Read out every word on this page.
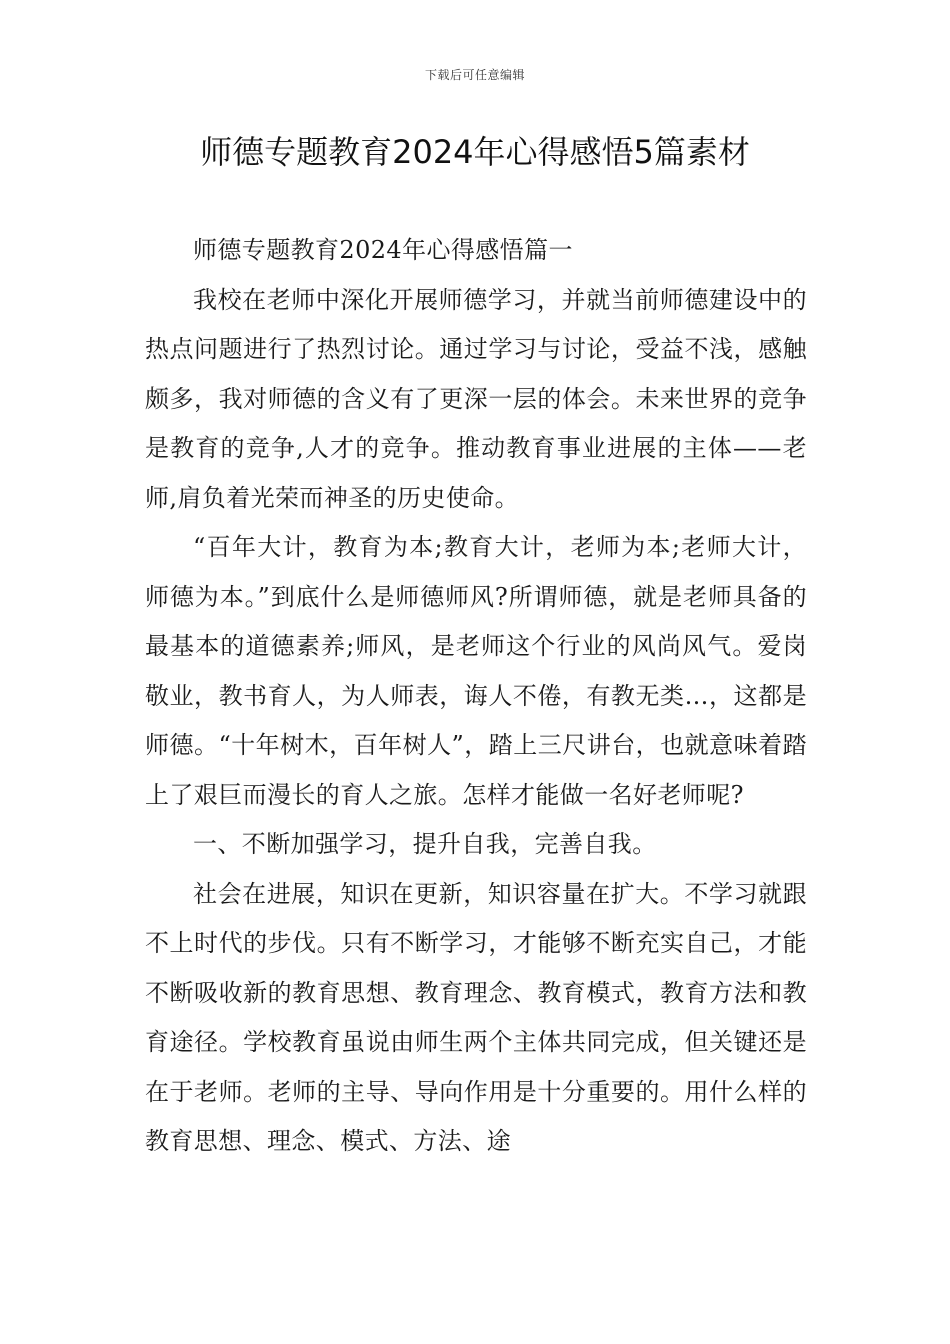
下载后可任意编辑
师德专题教育2024年心得感悟5篇素材

师德专题教育2024年心得感悟篇一

我校在老师中深化开展师德学习，并就当前师德建设中的热点问题进行了热烈讨论。通过学习与讨论，受益不浅，感触颇多，我对师德的含义有了更深一层的体会。未来世界的竞争是教育的竞争,人才的竞争。推动教育事业进展的主体——老师,肩负着光荣而神圣的历史使命。

“百年大计，教育为本;教育大计，老师为本;老师大计，师德为本。”到底什么是师德师风?所谓师德，就是老师具备的最基本的道德素养;师风，是老师这个行业的风尚风气。爱岗敬业，教书育人，为人师表，诲人不倦，有教无类…，这都是师德。“十年树木，百年树人”，踏上三尺讲台，也就意味着踏上了艰巨而漫长的育人之旅。怎样才能做一名好老师呢?

一、不断加强学习，提升自我，完善自我。

社会在进展，知识在更新，知识容量在扩大。不学习就跟不上时代的步伐。只有不断学习，才能够不断充实自己，才能不断吸收新的教育思想、教育理念、教育模式，教育方法和教育途径。学校教育虽说由师生两个主体共同完成，但关键还是在于老师。老师的主导、导向作用是十分重要的。用什么样的教育思想、理念、模式、方法、途
